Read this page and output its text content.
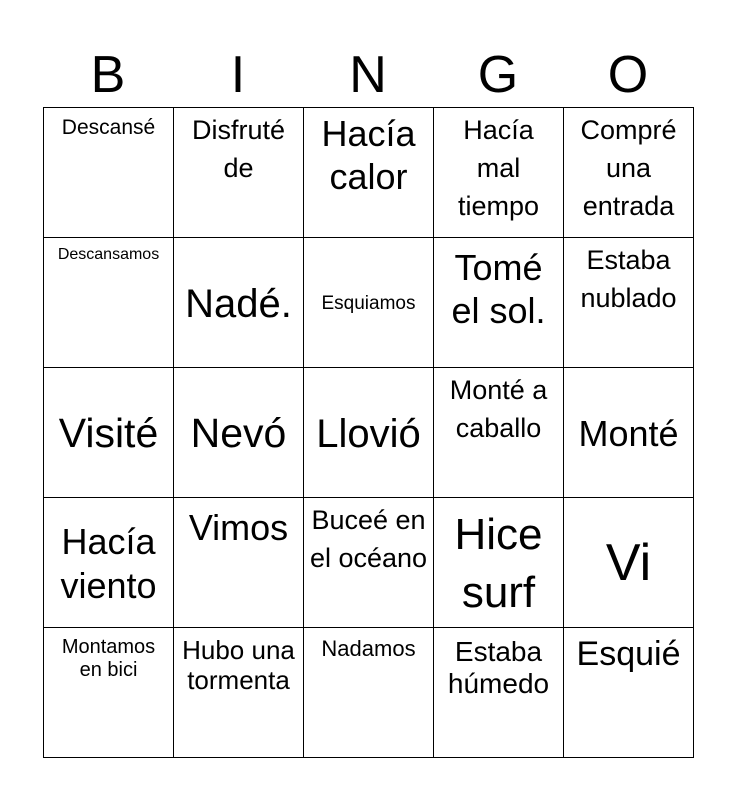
B	I	N	G	O
Descansé	Disfruté de	Hacía calor	Hacía mal tiempo	Compré una entrada

Descansamos	Nadé.	Esquiamos	Tomé el sol.	Estaba nublado

Visité	Nevó	Llovió	Monté a caballo	Monté

Hacía viento	Vimos	Buceé en el océano	Hice surf	Vi

Montamos en bici	Hubo una tormenta	Nadamos	Estaba húmedo	Esquié
